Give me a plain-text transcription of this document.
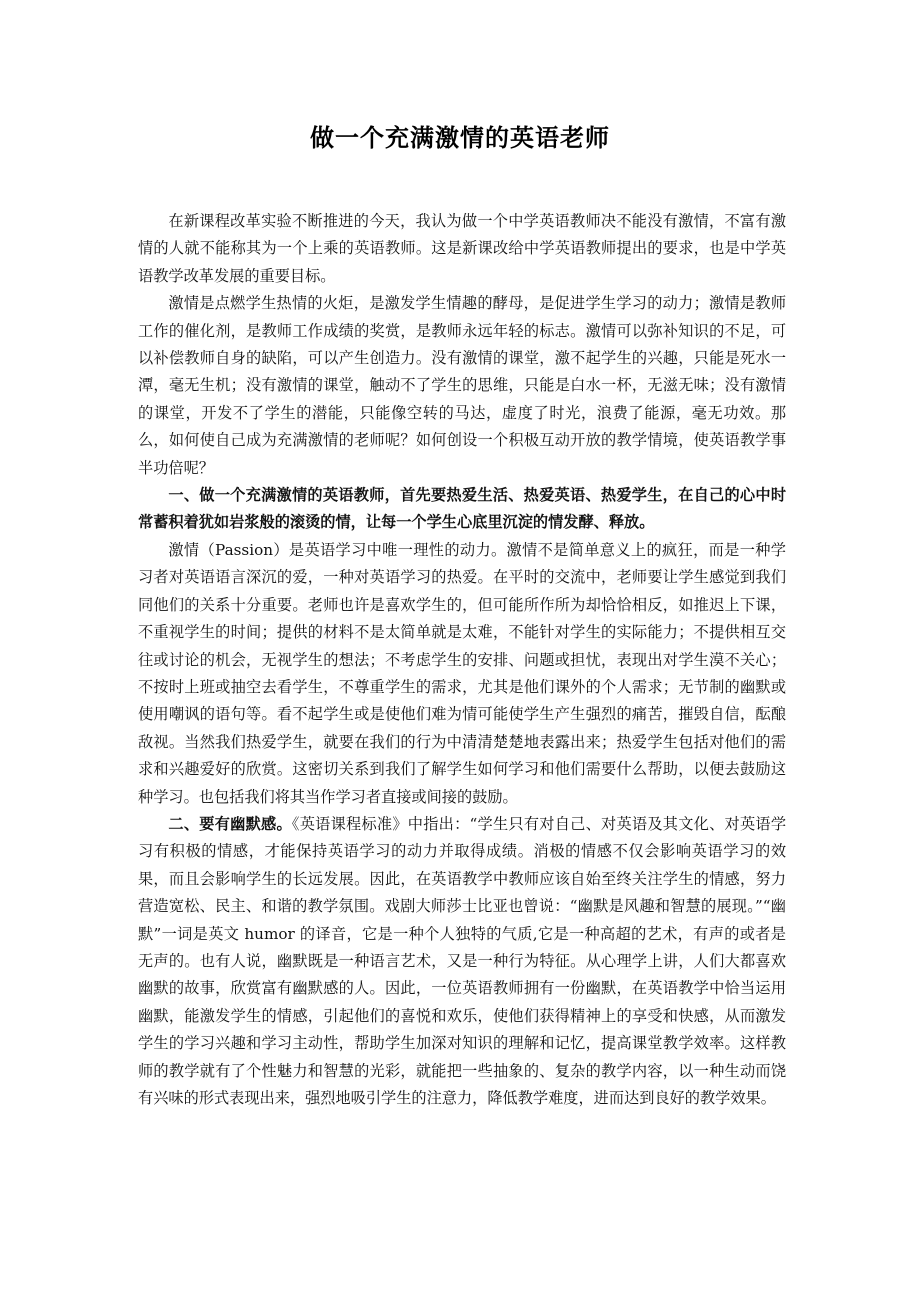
做一个充满激情的英语老师

在新课程改革实验不断推进的今天，我认为做一个中学英语教师决不能没有激情，不富有激情的人就不能称其为一个上乘的英语教师。这是新课改给中学英语教师提出的要求，也是中学英语教学改革发展的重要目标。

激情是点燃学生热情的火炬，是激发学生情趣的酵母，是促进学生学习的动力；激情是教师工作的催化剂，是教师工作成绩的奖赏，是教师永远年轻的标志。激情可以弥补知识的不足，可以补偿教师自身的缺陷，可以产生创造力。没有激情的课堂，激不起学生的兴趣，只能是死水一潭，毫无生机；没有激情的课堂，触动不了学生的思维，只能是白水一杯，无滋无味；没有激情的课堂，开发不了学生的潜能，只能像空转的马达，虚度了时光，浪费了能源，毫无功效。那么，如何使自己成为充满激情的老师呢？如何创设一个积极互动开放的教学情境，使英语教学事半功倍呢？

一、做一个充满激情的英语教师，首先要热爱生活、热爱英语、热爱学生，在自己的心中时常蓄积着犹如岩浆般的滚烫的情，让每一个学生心底里沉淀的情发酵、释放。

激情（Passion）是英语学习中唯一理性的动力。激情不是简单意义上的疯狂，而是一种学习者对英语语言深沉的爱，一种对英语学习的热爱。在平时的交流中，老师要让学生感觉到我们同他们的关系十分重要。老师也许是喜欢学生的，但可能所作所为却恰恰相反，如推迟上下课，不重视学生的时间；提供的材料不是太简单就是太难，不能针对学生的实际能力；不提供相互交往或讨论的机会，无视学生的想法；不考虑学生的安排、问题或担忧，表现出对学生漠不关心；不按时上班或抽空去看学生，不尊重学生的需求，尤其是他们课外的个人需求；无节制的幽默或使用嘲讽的语句等。看不起学生或是使他们难为情可能使学生产生强烈的痛苦，摧毁自信，酝酿敌视。当然我们热爱学生，就要在我们的行为中清清楚楚地表露出来；热爱学生包括对他们的需求和兴趣爱好的欣赏。这密切关系到我们了解学生如何学习和他们需要什么帮助，以便去鼓励这种学习。也包括我们将其当作学习者直接或间接的鼓励。

二、要有幽默感。《英语课程标准》中指出：“学生只有对自己、对英语及其文化、对英语学习有积极的情感，才能保持英语学习的动力并取得成绩。消极的情感不仅会影响英语学习的效果，而且会影响学生的长远发展。因此，在英语教学中教师应该自始至终关注学生的情感，努力营造宽松、民主、和谐的教学氛围。戏剧大师莎士比亚也曾说：“幽默是风趣和智慧的展现。”“幽默”一词是英文 humor 的译音，它是一种个人独特的气质,它是一种高超的艺术，有声的或者是无声的。也有人说，幽默既是一种语言艺术，又是一种行为特征。从心理学上讲，人们大都喜欢幽默的故事，欣赏富有幽默感的人。因此，一位英语教师拥有一份幽默，在英语教学中恰当运用幽默，能激发学生的情感，引起他们的喜悦和欢乐，使他们获得精神上的享受和快感，从而激发学生的学习兴趣和学习主动性，帮助学生加深对知识的理解和记忆，提高课堂教学效率。这样教师的教学就有了个性魅力和智慧的光彩，就能把一些抽象的、复杂的教学内容，以一种生动而饶有兴味的形式表现出来，强烈地吸引学生的注意力，降低教学难度，进而达到良好的教学效果。
